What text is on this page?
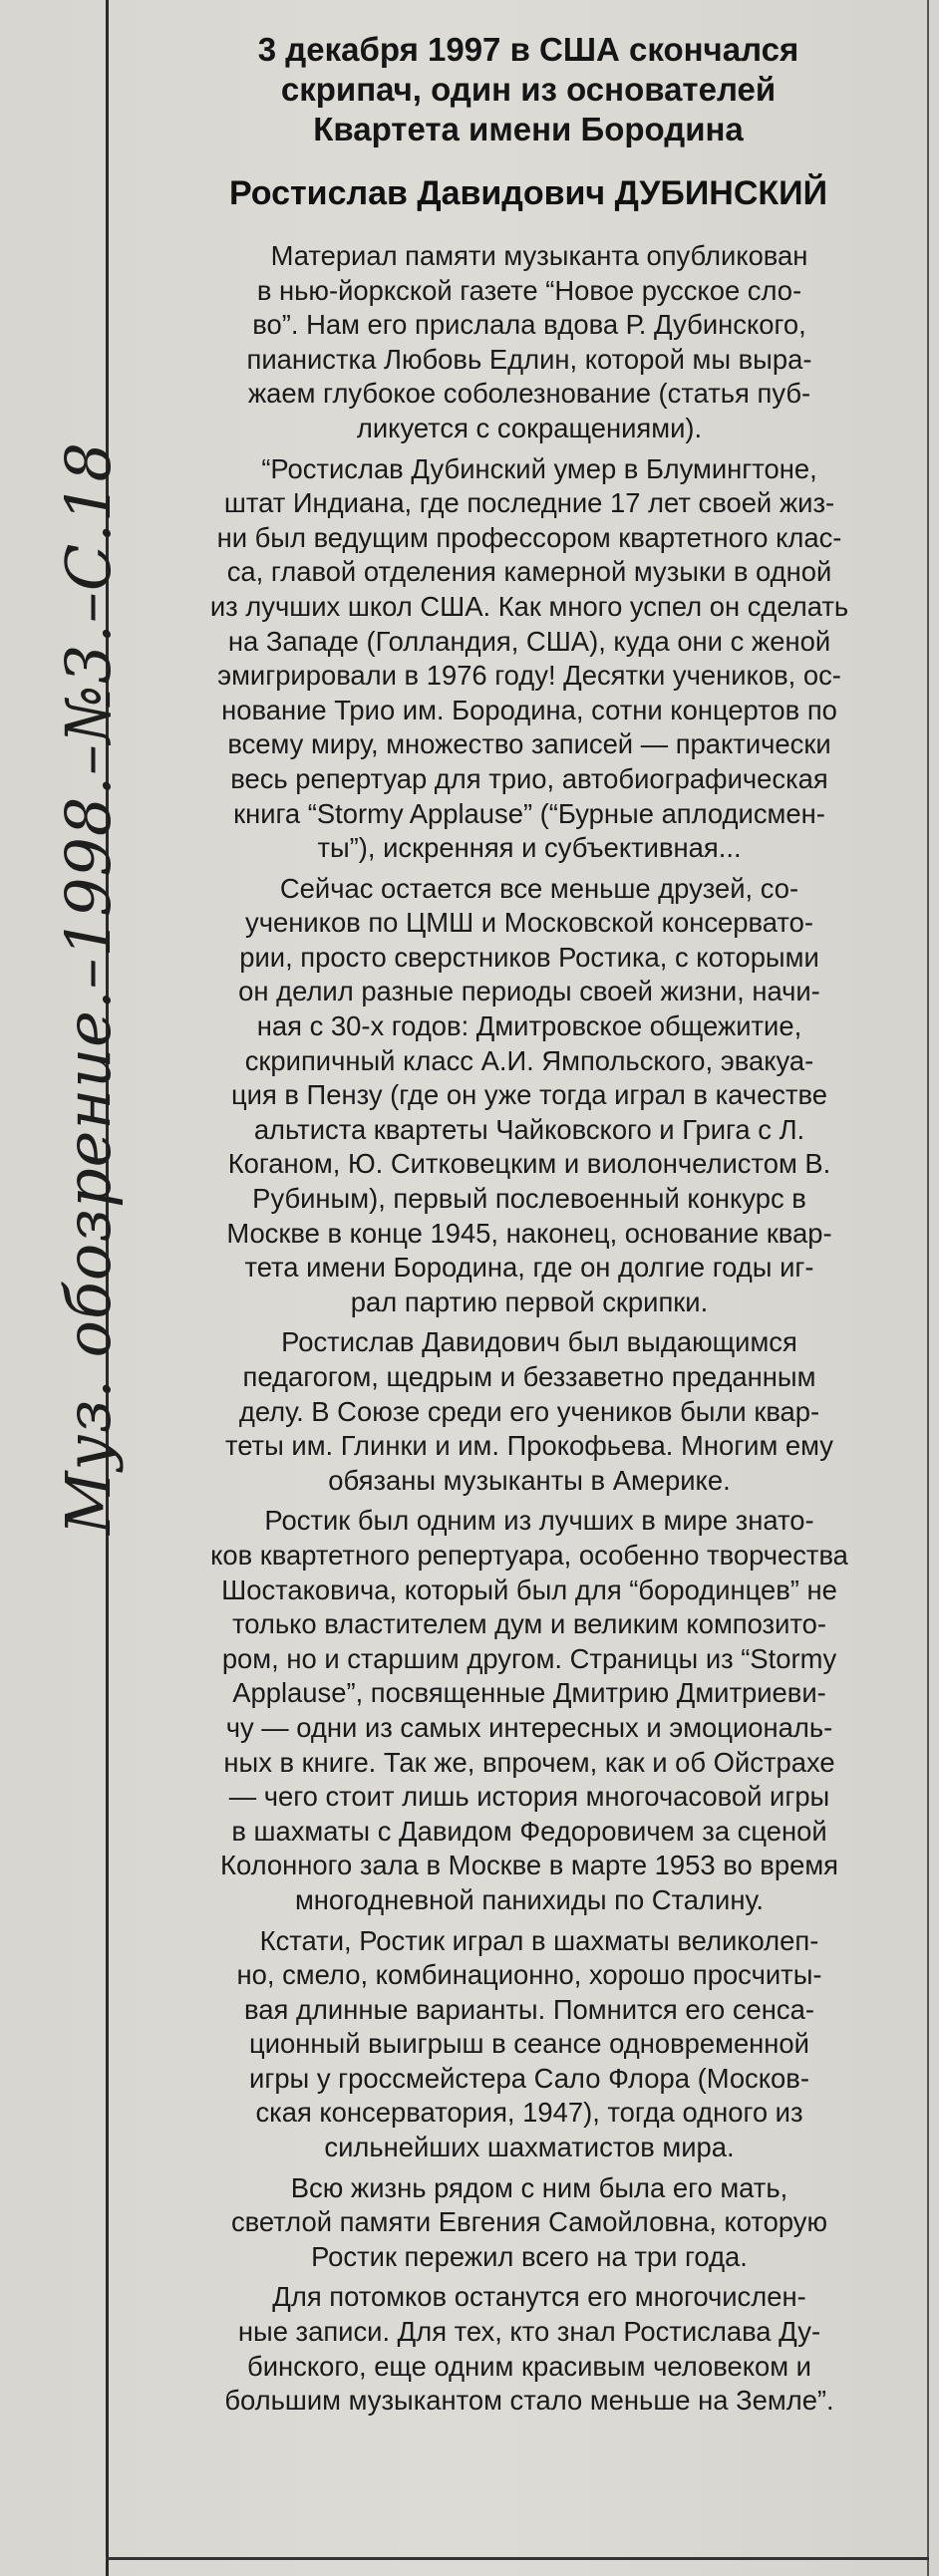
Муз. обозрение.–1998.–№3.–С.18
3 декабря 1997 в США скончался
скрипач, один из основателей
Квартета имени Бородина
Ростислав Давидович ДУБИНСКИЙ

Материал памяти музыканта опубликован
в нью-йоркской газете “Новое русское сло-
во”. Нам его прислала вдова Р. Дубинского,
пианистка Любовь Едлин, которой мы выра-
жаем глубокое соболезнование (статья пуб-
ликуется с сокращениями).

“Ростислав Дубинский умер в Блумингтоне,
штат Индиана, где последние 17 лет своей жиз-
ни был ведущим профессором квартетного клас-
са, главой отделения камерной музыки в одной
из лучших школ США. Как много успел он сделать
на Западе (Голландия, США), куда они с женой
эмигрировали в 1976 году! Десятки учеников, ос-
нование Трио им. Бородина, сотни концертов по
всему миру, множество записей — практически
весь репертуар для трио, автобиографическая
книга “Stormy Applause” (“Бурные аплодисмен-
ты”), искренняя и субъективная...

Сейчас остается все меньше друзей, со-
учеников по ЦМШ и Московской консервато-
рии, просто сверстников Ростика, с которыми
он делил разные периоды своей жизни, начи-
ная с 30-х годов: Дмитровское общежитие,
скрипичный класс А.И. Ямпольского, эвакуа-
ция в Пензу (где он уже тогда играл в качестве
альтиста квартеты Чайковского и Грига с Л.
Коганом, Ю. Ситковецким и виолончелистом В.
Рубиным), первый послевоенный конкурс в
Москве в конце 1945, наконец, основание квар-
тета имени Бородина, где он долгие годы иг-
рал партию первой скрипки.

Ростислав Давидович был выдающимся
педагогом, щедрым и беззаветно преданным
делу. В Союзе среди его учеников были квар-
теты им. Глинки и им. Прокофьева. Многим ему
обязаны музыканты в Америке.

Ростик был одним из лучших в мире знато-
ков квартетного репертуара, особенно творчества
Шостаковича, который был для “бородинцев” не
только властителем дум и великим композито-
ром, но и старшим другом. Страницы из “Stormy
Applause”, посвященные Дмитрию Дмитриеви-
чу — одни из самых интересных и эмоциональ-
ных в книге. Так же, впрочем, как и об Ойстрахе
— чего стоит лишь история многочасовой игры
в шахматы с Давидом Федоровичем за сценой
Колонного зала в Москве в марте 1953 во время
многодневной панихиды по Сталину.

Кстати, Ростик играл в шахматы великолеп-
но, смело, комбинационно, хорошо просчиты-
вая длинные варианты. Помнится его сенса-
ционный выигрыш в сеансе одновременной
игры у гроссмейстера Сало Флора (Москов-
ская консерватория, 1947), тогда одного из
сильнейших шахматистов мира.

Всю жизнь рядом с ним была его мать,
светлой памяти Евгения Самойловна, которую
Ростик пережил всего на три года.

Для потомков останутся его многочислен-
ные записи. Для тех, кто знал Ростислава Ду-
бинского, еще одним красивым человеком и
большим музыкантом стало меньше на Земле”.
